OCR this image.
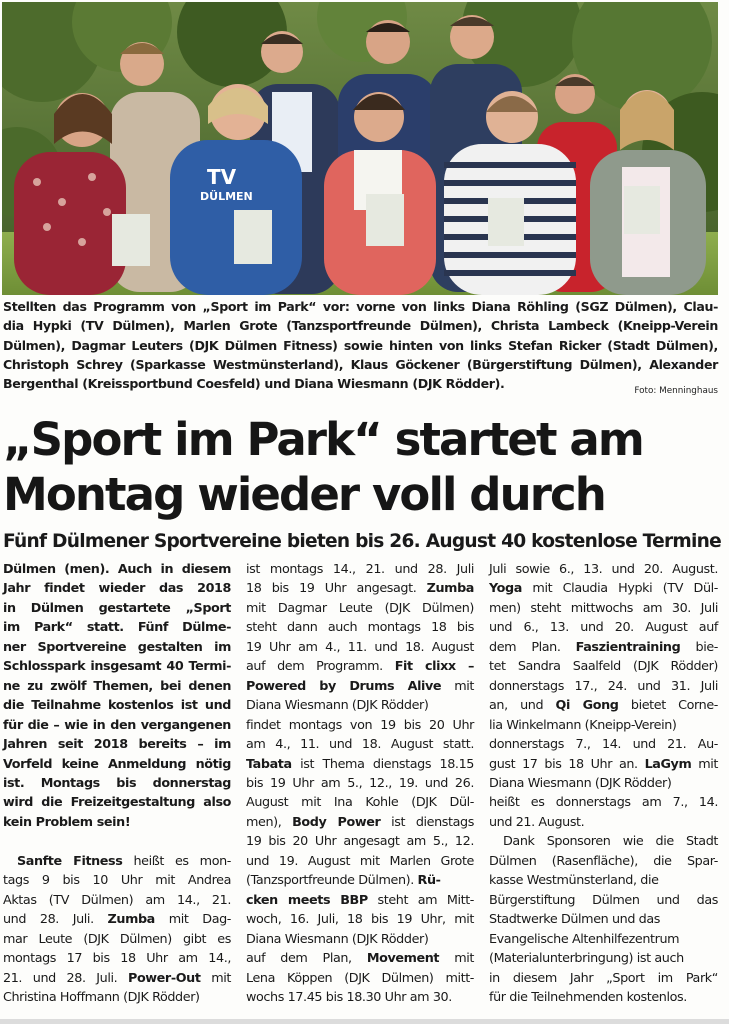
TV
DÜLMEN
Stellten das Programm von „Sport im Park“ vor: vorne von links Diana Röhling (SGZ Dülmen), Clau-
dia Hypki (TV Dülmen), Marlen Grote (Tanzsportfreunde Dülmen), Christa Lambeck (Kneipp-Verein
Dülmen), Dagmar Leuters (DJK Dülmen Fitness) sowie hinten von links Stefan Ricker (Stadt Dülmen),
Christoph Schrey (Sparkasse Westmünsterland), Klaus Göckener (Bürgerstiftung Dülmen), Alexander
Bergenthal (Kreissportbund Coesfeld) und Diana Wiesmann (DJK Rödder).	Foto: Menninghaus
„Sport im Park“ startet am
Montag wieder voll durch
Fünf Dülmener Sportvereine bieten bis 26. August 40 kostenlose Termine
Dülmen (men). Auch in diesem
Jahr findet wieder das 2018
in Dülmen gestartete „Sport
im Park“ statt. Fünf Dülme-
ner Sportvereine gestalten im
Schlosspark insgesamt 40 Termi-
ne zu zwölf Themen, bei denen
die Teilnahme kostenlos ist und
für die – wie in den vergangenen
Jahren seit 2018 bereits – im
Vorfeld keine Anmeldung nötig
ist. Montags bis donnerstag
wird die Freizeitgestaltung also
kein Problem sein!
Sanfte Fitness heißt es mon-
tags 9 bis 10 Uhr mit Andrea
Aktas (TV Dülmen) am 14., 21.
und 28. Juli. Zumba mit Dag-
mar Leute (DJK Dülmen) gibt es
montags 17 bis 18 Uhr am 14.,
21. und 28. Juli. Power-Out mit
Christina Hoffmann (DJK Rödder)
ist montags 14., 21. und 28. Juli
18 bis 19 Uhr angesagt. Zumba
mit Dagmar Leute (DJK Dülmen)
steht dann auch montags 18 bis
19 Uhr am 4., 11. und 18. August
auf dem Programm. Fit clixx –
Powered by Drums Alive mit
Diana Wiesmann (DJK Rödder)
findet montags von 19 bis 20 Uhr
am 4., 11. und 18. August statt.
Tabata ist Thema dienstags 18.15
bis 19 Uhr am 5., 12., 19. und 26.
August mit Ina Kohle (DJK Dül-
men), Body Power ist dienstags
19 bis 20 Uhr angesagt am 5., 12.
und 19. August mit Marlen Grote
(Tanzsportfreunde Dülmen). Rü-
cken meets BBP steht am Mitt-
woch, 16. Juli, 18 bis 19 Uhr, mit
Diana Wiesmann (DJK Rödder)
auf dem Plan, Movement mit
Lena Köppen (DJK Dülmen) mitt-
wochs 17.45 bis 18.30 Uhr am 30.
Juli sowie 6., 13. und 20. August.
Yoga mit Claudia Hypki (TV Dül-
men) steht mittwochs am 30. Juli
und 6., 13. und 20. August auf
dem Plan. Faszientraining bie-
tet Sandra Saalfeld (DJK Rödder)
donnerstags 17., 24. und 31. Juli
an, und Qi Gong bietet Corne-
lia Winkelmann (Kneipp-Verein)
donnerstags 7., 14. und 21. Au-
gust 17 bis 18 Uhr an. LaGym mit
Diana Wiesmann (DJK Rödder)
heißt es donnerstags am 7., 14.
und 21. August.
Dank Sponsoren wie die Stadt
Dülmen (Rasenfläche), die Spar-
kasse Westmünsterland, die
Bürgerstiftung Dülmen und das
Stadtwerke Dülmen und das
Evangelische Altenhilfezentrum
(Materialunterbringung) ist auch
in diesem Jahr „Sport im Park“
für die Teilnehmenden kostenlos.
